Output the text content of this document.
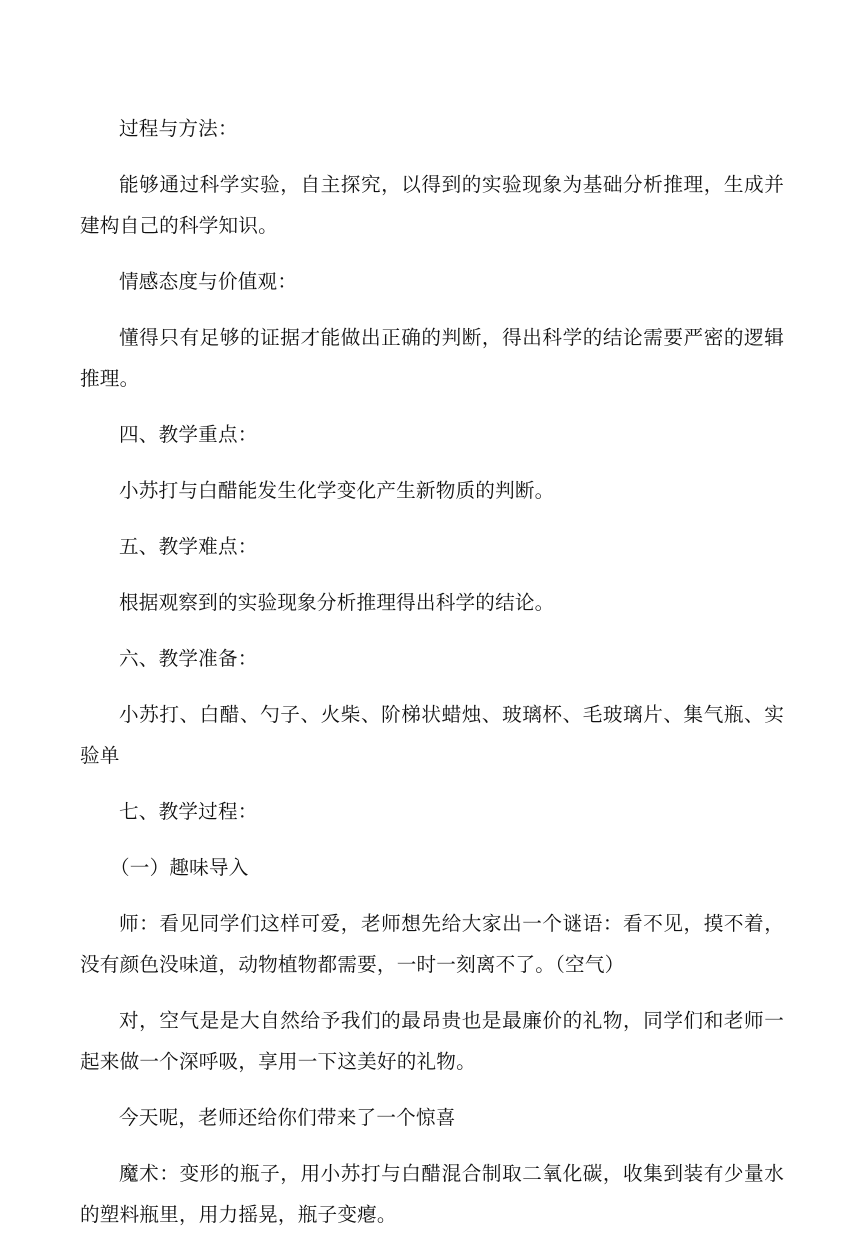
过程与方法：

能够通过科学实验，自主探究，以得到的实验现象为基础分析推理，生成并建构自己的科学知识。

情感态度与价值观：

懂得只有足够的证据才能做出正确的判断，得出科学的结论需要严密的逻辑推理。

四、教学重点：

小苏打与白醋能发生化学变化产生新物质的判断。

五、教学难点：

根据观察到的实验现象分析推理得出科学的结论。

六、教学准备：

小苏打、白醋、勺子、火柴、阶梯状蜡烛、玻璃杯、毛玻璃片、集气瓶、实验单

七、教学过程：

（一）趣味导入

师：看见同学们这样可爱，老师想先给大家出一个谜语：看不见，摸不着，没有颜色没味道，动物植物都需要，一时一刻离不了。（空气）

对，空气是是大自然给予我们的最昂贵也是最廉价的礼物，同学们和老师一起来做一个深呼吸，享用一下这美好的礼物。

今天呢，老师还给你们带来了一个惊喜

魔术：变形的瓶子，用小苏打与白醋混合制取二氧化碳，收集到装有少量水的塑料瓶里，用力摇晃，瓶子变瘪。
